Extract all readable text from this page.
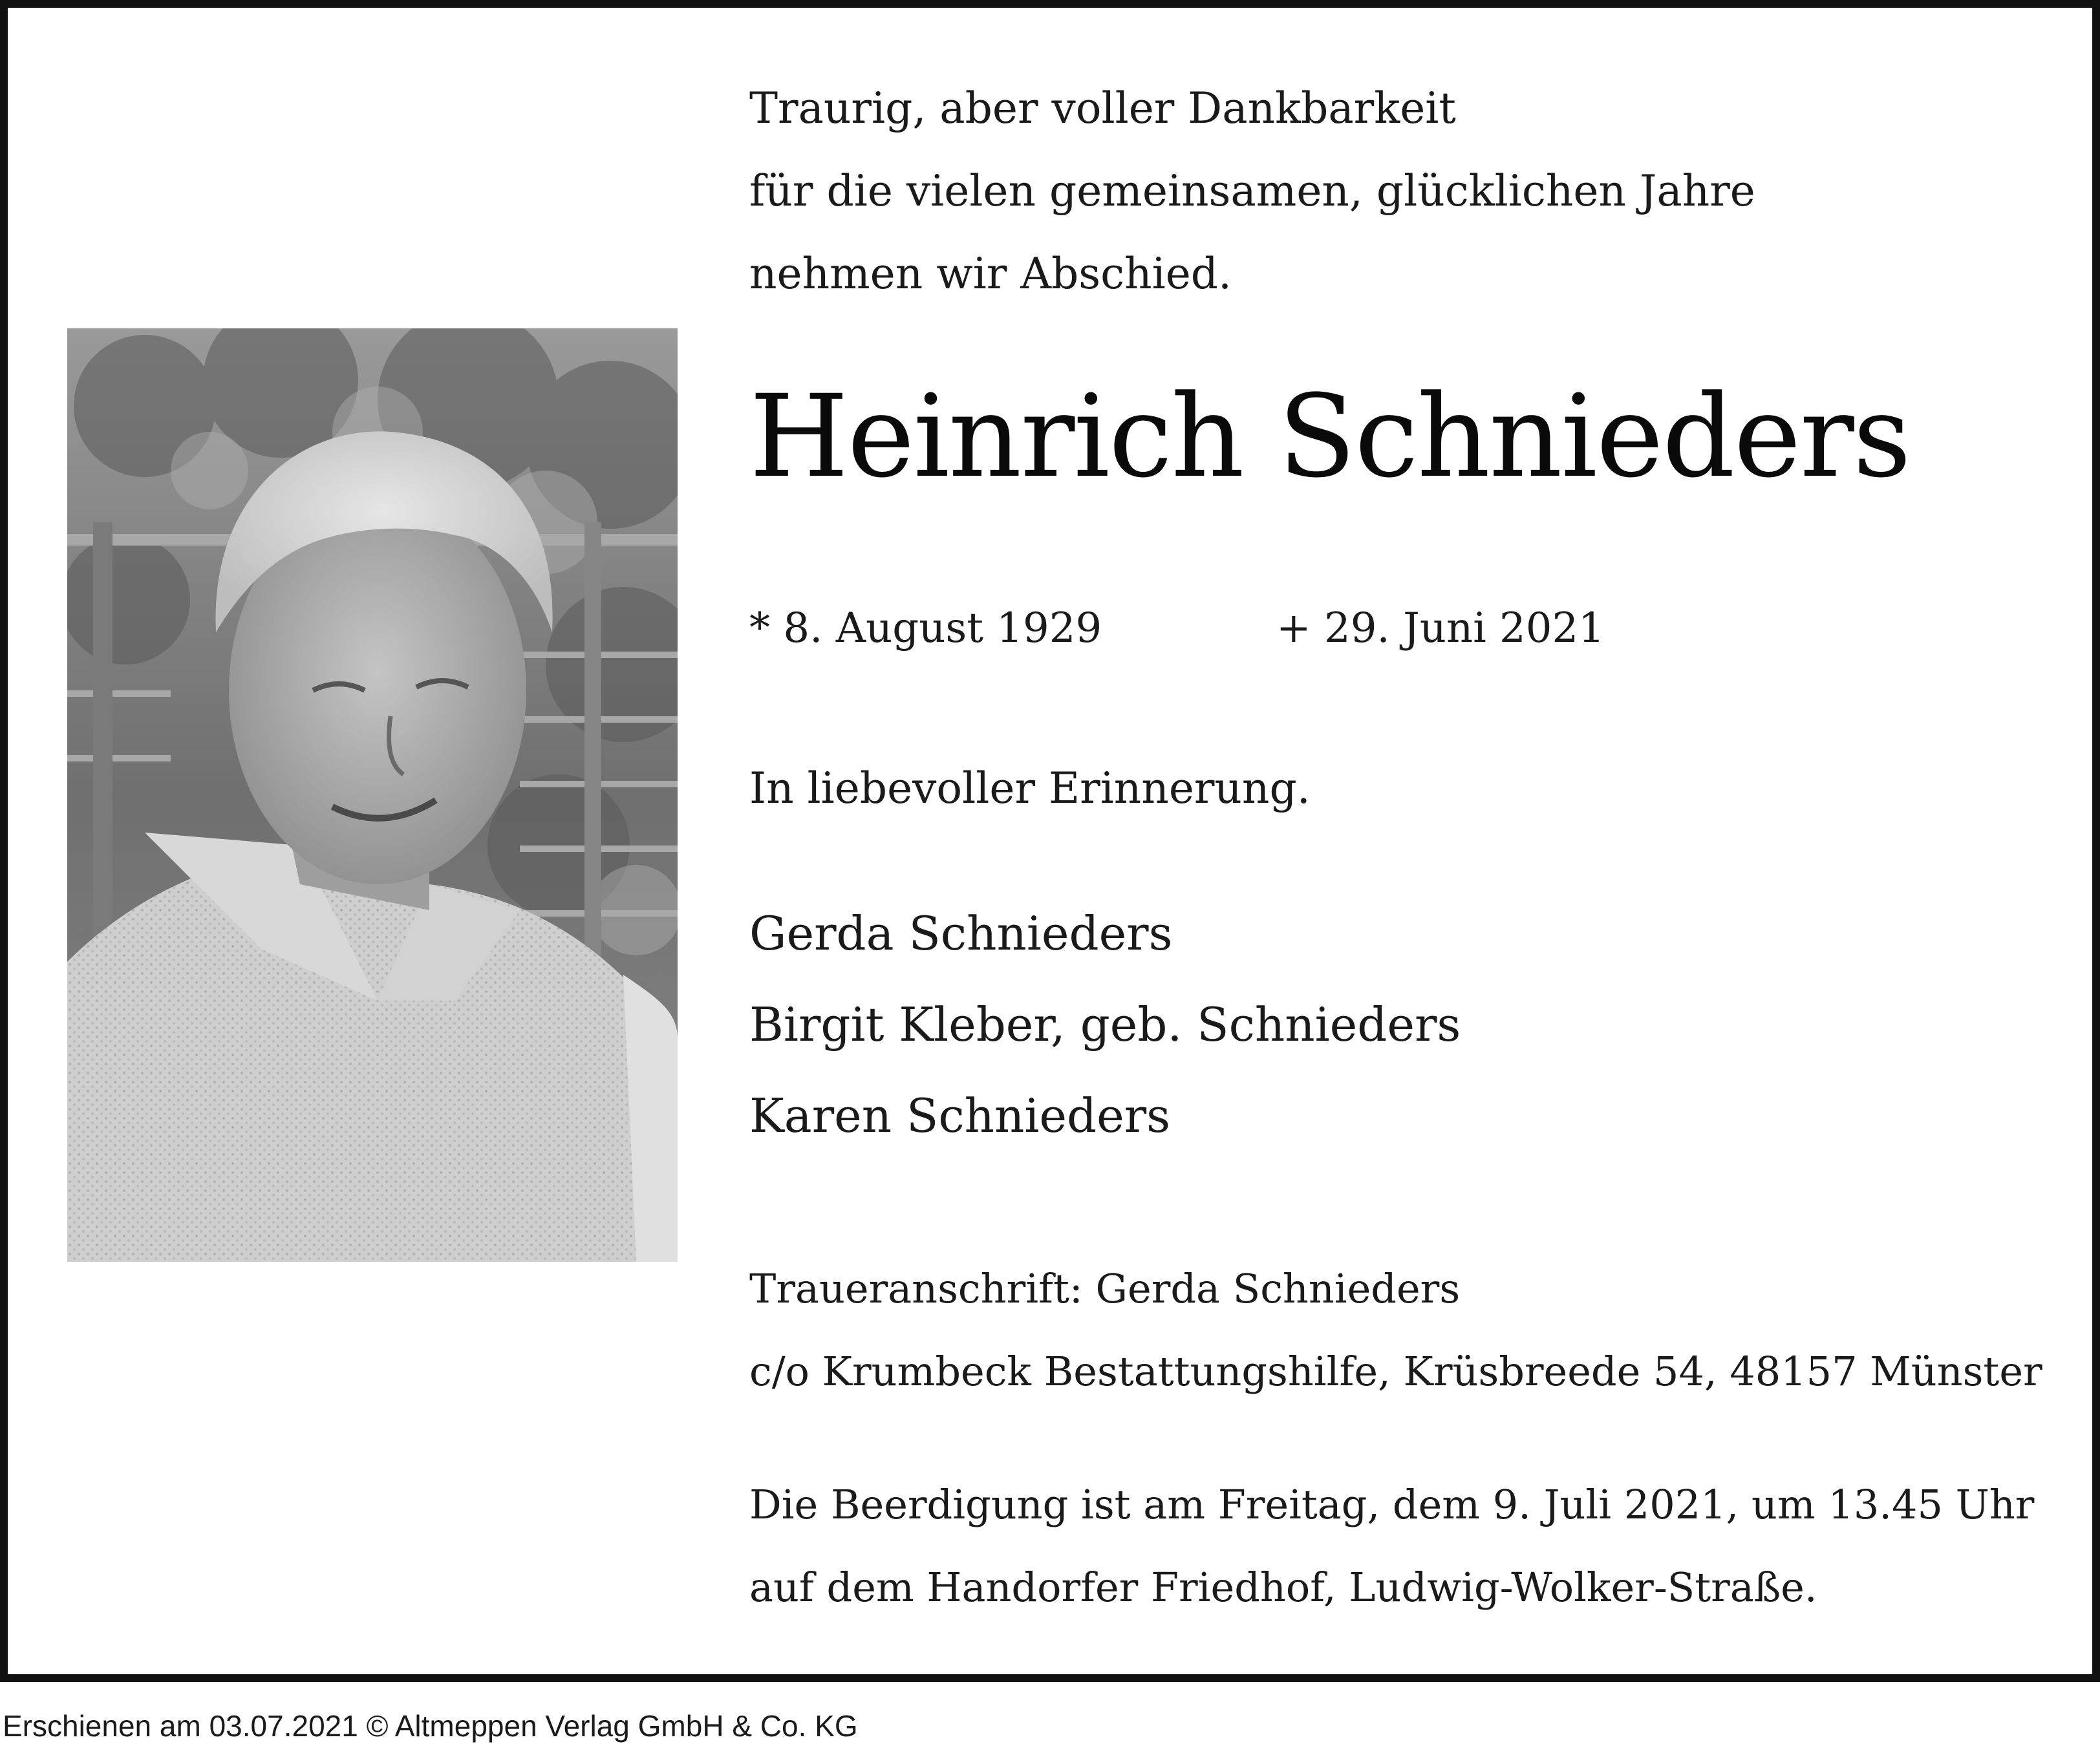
Traurig, aber voller Dankbarkeit
für die vielen gemeinsamen, glücklichen Jahre
nehmen wir Abschied.
Heinrich Schnieders
* 8. August 1929	+ 29. Juni 2021
In liebevoller Erinnerung.
Gerda Schnieders
Birgit Kleber, geb. Schnieders
Karen Schnieders
Traueranschrift: Gerda Schnieders
c/o Krumbeck Bestattungshilfe, Krüsbreede 54, 48157 Münster
Die Beerdigung ist am Freitag, dem 9. Juli 2021, um 13.45 Uhr
auf dem Handorfer Friedhof, Ludwig-Wolker-Straße.
Erschienen am 03.07.2021 © Altmeppen Verlag GmbH & Co. KG
